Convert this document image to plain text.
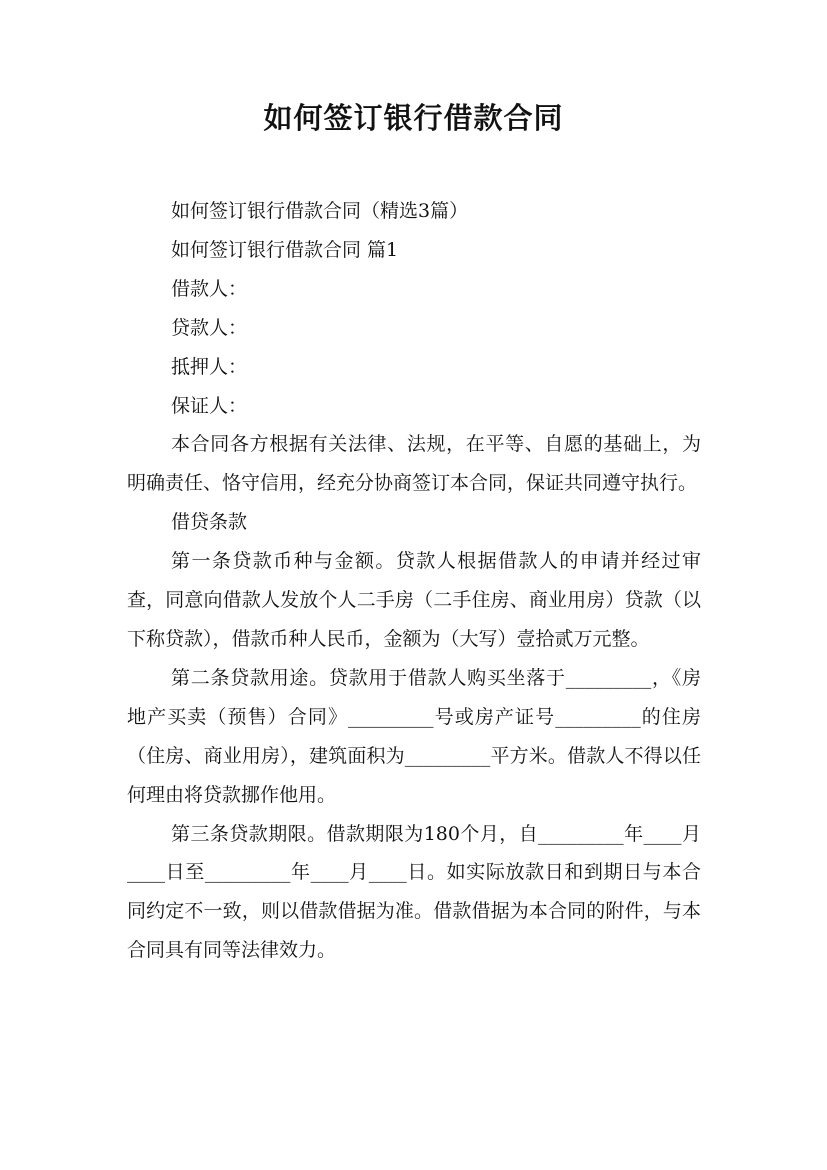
如何签订银行借款合同

如何签订银行借款合同（精选3篇）

如何签订银行借款合同 篇1

借款人：

贷款人：

抵押人：

保证人：

本合同各方根据有关法律、法规，在平等、自愿的基础上，为明确责任、恪守信用，经充分协商签订本合同，保证共同遵守执行。

借贷条款

第一条贷款币种与金额。贷款人根据借款人的申请并经过审查，同意向借款人发放个人二手房（二手住房、商业用房）贷款（以下称贷款），借款币种人民币，金额为（大写）壹拾贰万元整。

第二条贷款用途。贷款用于借款人购买坐落于_________，《房地产买卖（预售）合同》_________号或房产证号_________的住房（住房、商业用房），建筑面积为_________平方米。借款人不得以任何理由将贷款挪作他用。

第三条贷款期限。借款期限为180个月，自_________年____月____日至_________年____月____日。如实际放款日和到期日与本合同约定不一致，则以借款借据为准。借款借据为本合同的附件，与本合同具有同等法律效力。
